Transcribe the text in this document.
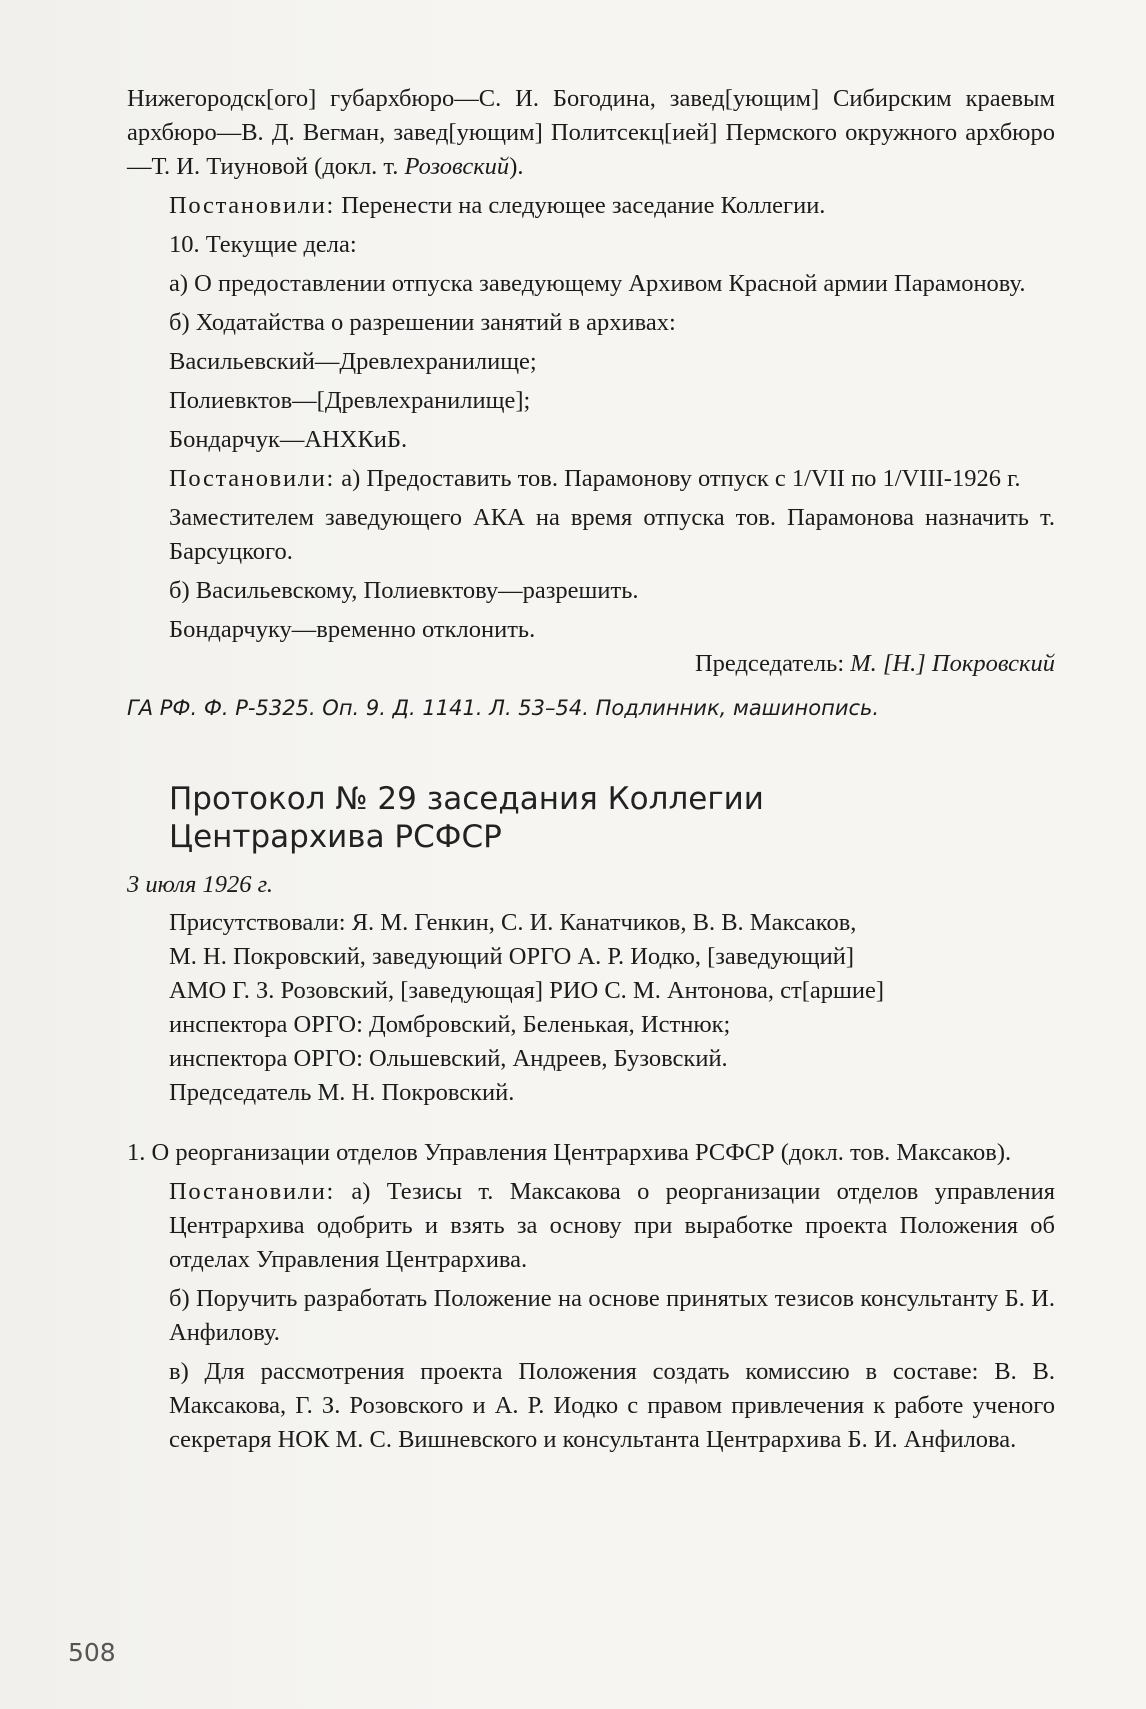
Нижегородск[ого] губархбюро—С. И. Богодина, завед[ующим] Сибирским краевым архбюро—В. Д. Вегман, завед[ующим] Политсекц[ией] Пермского окружного архбюро—Т. И. Тиуновой (докл. т. Розовский).

Постановили: Перенести на следующее заседание Коллегии.

10. Текущие дела:

а) О предоставлении отпуска заведующему Архивом Красной армии Парамонову.

б) Ходатайства о разрешении занятий в архивах:

Васильевский—Древлехранилище;

Полиевктов—[Древлехранилище];

Бондарчук—АНХКиБ.

Постановили: а) Предоставить тов. Парамонову отпуск с 1/VII по 1/VIII-1926 г.

Заместителем заведующего АКА на время отпуска тов. Парамонова назначить т. Барсуцкого.

б) Васильевскому, Полиевктову—разрешить.

Бондарчуку—временно отклонить.

Председатель: М. [Н.] Покровский

ГА РФ. Ф. Р-5325. Оп. 9. Д. 1141. Л. 53–54. Подлинник, машинопись.

Протокол № 29 заседания Коллегии
Центрархива РСФСР

3 июля 1926 г.

Присутствовали: Я. М. Генкин, С. И. Канатчиков, В. В. Максаков,
М. Н. Покровский, заведующий ОРГО А. Р. Иодко, [заведующий]
АМО Г. З. Розовский, [заведующая] РИО С. М. Антонова, ст[аршие]
инспектора ОРГО: Домбровский, Беленькая, Истнюк;
инспектора ОРГО: Ольшевский, Андреев, Бузовский.
Председатель М. Н. Покровский.

1. О реорганизации отделов Управления Центрархива РСФСР (докл. тов. Максаков).

Постановили: а) Тезисы т. Максакова о реорганизации отделов управления Центрархива одобрить и взять за основу при выработке проекта Положения об отделах Управления Центрархива.

б) Поручить разработать Положение на основе принятых тезисов консультанту Б. И. Анфилову.

в) Для рассмотрения проекта Положения создать комиссию в составе: В. В. Максакова, Г. З. Розовского и А. Р. Иодко с правом привлечения к работе ученого секретаря НОК М. С. Вишневского и консультанта Центрархива Б. И. Анфилова.

508
